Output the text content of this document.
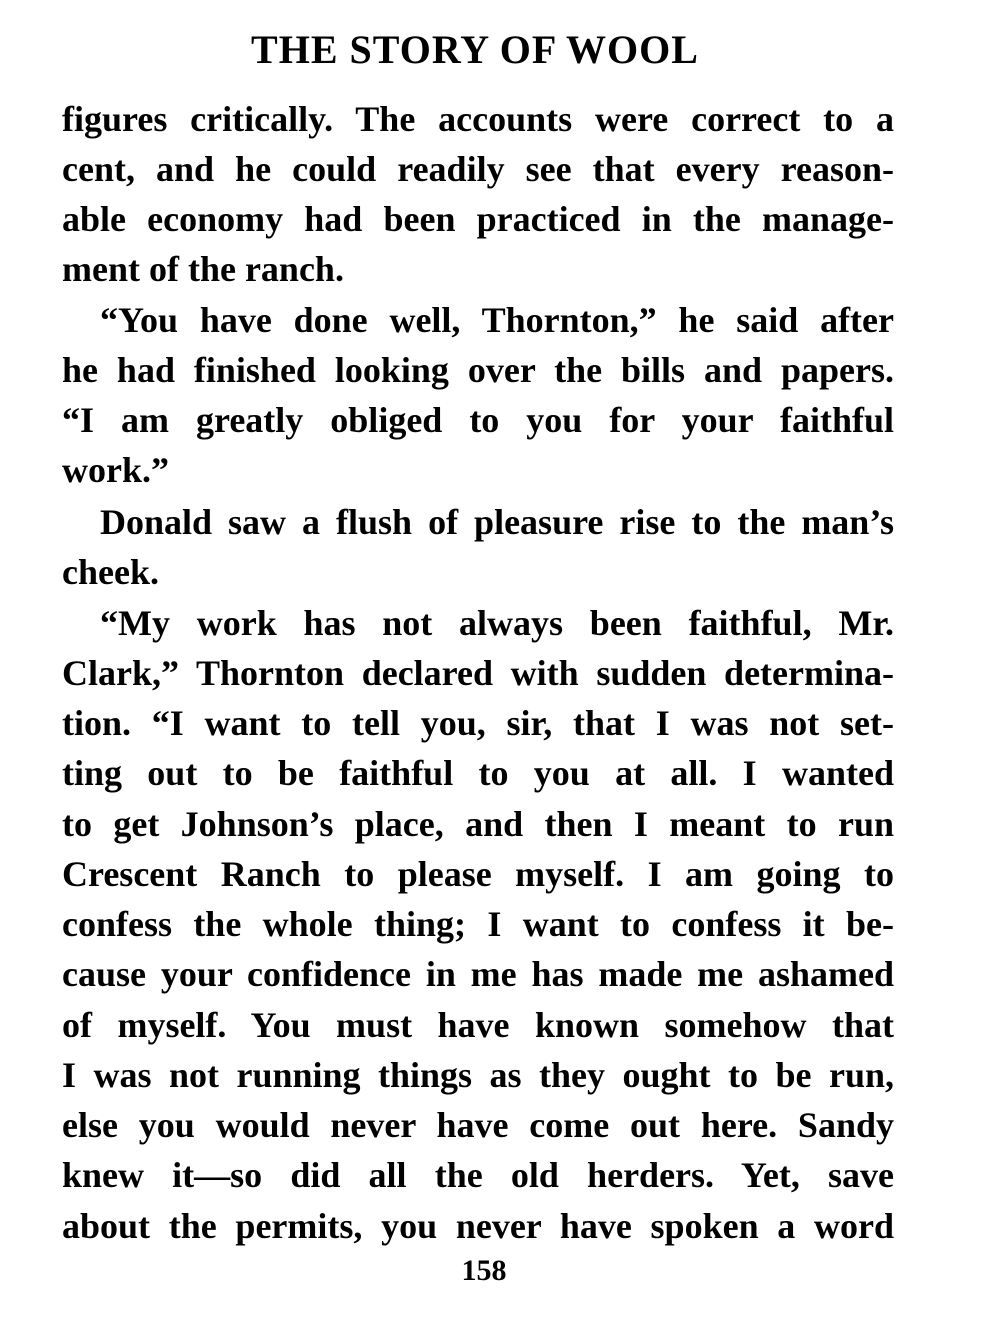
THE STORY OF WOOL
figures critically. The accounts were correct to a
cent, and he could readily see that every reason-
able economy had been practiced in the manage-
ment of the ranch.
“You have done well, Thornton,” he said after
he had finished looking over the bills and papers.
“I am greatly obliged to you for your faithful
work.”
Donald saw a flush of pleasure rise to the man’s
cheek.
“My work has not always been faithful, Mr.
Clark,” Thornton declared with sudden determina-
tion. “I want to tell you, sir, that I was not set-
ting out to be faithful to you at all. I wanted
to get Johnson’s place, and then I meant to run
Crescent Ranch to please myself. I am going to
confess the whole thing; I want to confess it be-
cause your confidence in me has made me ashamed
of myself. You must have known somehow that
I was not running things as they ought to be run,
else you would never have come out here. Sandy
knew it—so did all the old herders. Yet, save
about the permits, you never have spoken a word
158
